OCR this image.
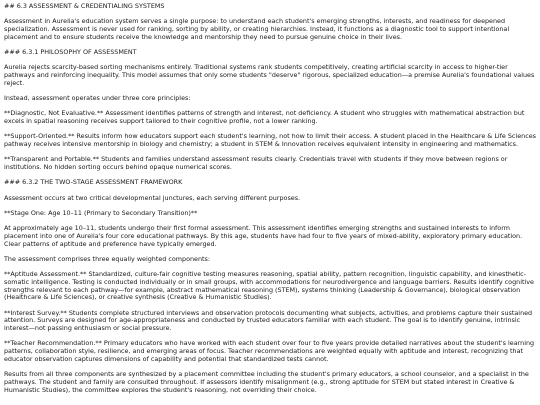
## 6.3 ASSESSMENT & CREDENTIALING SYSTEMS

Assessment in Aurelia's education system serves a single purpose: to understand each student's emerging strengths, interests, and readiness for deepened specialization. Assessment is never used for ranking, sorting by ability, or creating hierarchies. Instead, it functions as a diagnostic tool to support intentional placement and to ensure students receive the knowledge and mentorship they need to pursue genuine choice in their lives.

### 6.3.1 PHILOSOPHY OF ASSESSMENT

Aurelia rejects scarcity-based sorting mechanisms entirely. Traditional systems rank students competitively, creating artificial scarcity in access to higher-tier pathways and reinforcing inequality. This model assumes that only some students "deserve" rigorous, specialized education—a premise Aurelia's foundational values reject.

Instead, assessment operates under three core principles:

**Diagnostic, Not Evaluative.** Assessment identifies patterns of strength and interest, not deficiency. A student who struggles with mathematical abstraction but excels in spatial reasoning receives support tailored to their cognitive profile, not a lower ranking.

**Support-Oriented.** Results inform how educators support each student's learning, not how to limit their access. A student placed in the Healthcare & Life Sciences pathway receives intensive mentorship in biology and chemistry; a student in STEM & Innovation receives equivalent intensity in engineering and mathematics.

**Transparent and Portable.** Students and families understand assessment results clearly. Credentials travel with students if they move between regions or institutions. No hidden sorting occurs behind opaque numerical scores.

### 6.3.2 THE TWO-STAGE ASSESSMENT FRAMEWORK

Assessment occurs at two critical developmental junctures, each serving different purposes.

**Stage One: Age 10–11 (Primary to Secondary Transition)**

At approximately age 10–11, students undergo their first formal assessment. This assessment identifies emerging strengths and sustained interests to inform placement into one of Aurelia's four core educational pathways. By this age, students have had four to five years of mixed-ability, exploratory primary education. Clear patterns of aptitude and preference have typically emerged.

The assessment comprises three equally weighted components:

**Aptitude Assessment.** Standardized, culture-fair cognitive testing measures reasoning, spatial ability, pattern recognition, linguistic capability, and kinesthetic-somatic intelligence. Testing is conducted individually or in small groups, with accommodations for neurodivergence and language barriers. Results identify cognitive strengths relevant to each pathway—for example, abstract mathematical reasoning (STEM), systems thinking (Leadership & Governance), biological observation (Healthcare & Life Sciences), or creative synthesis (Creative & Humanistic Studies).

**Interest Survey.** Students complete structured interviews and observation protocols documenting what subjects, activities, and problems capture their sustained attention. Surveys are designed for age-appropriateness and conducted by trusted educators familiar with each student. The goal is to identify genuine, intrinsic interest—not passing enthusiasm or social pressure.

**Teacher Recommendation.** Primary educators who have worked with each student over four to five years provide detailed narratives about the student's learning patterns, collaboration style, resilience, and emerging areas of focus. Teacher recommendations are weighted equally with aptitude and interest, recognizing that educator observation captures dimensions of capability and potential that standardized tests cannot.

Results from all three components are synthesized by a placement committee including the student's primary educators, a school counselor, and a specialist in the pathways. The student and family are consulted throughout. If assessors identify misalignment (e.g., strong aptitude for STEM but stated interest in Creative & Humanistic Studies), the committee explores the student's reasoning, not overriding their choice.
